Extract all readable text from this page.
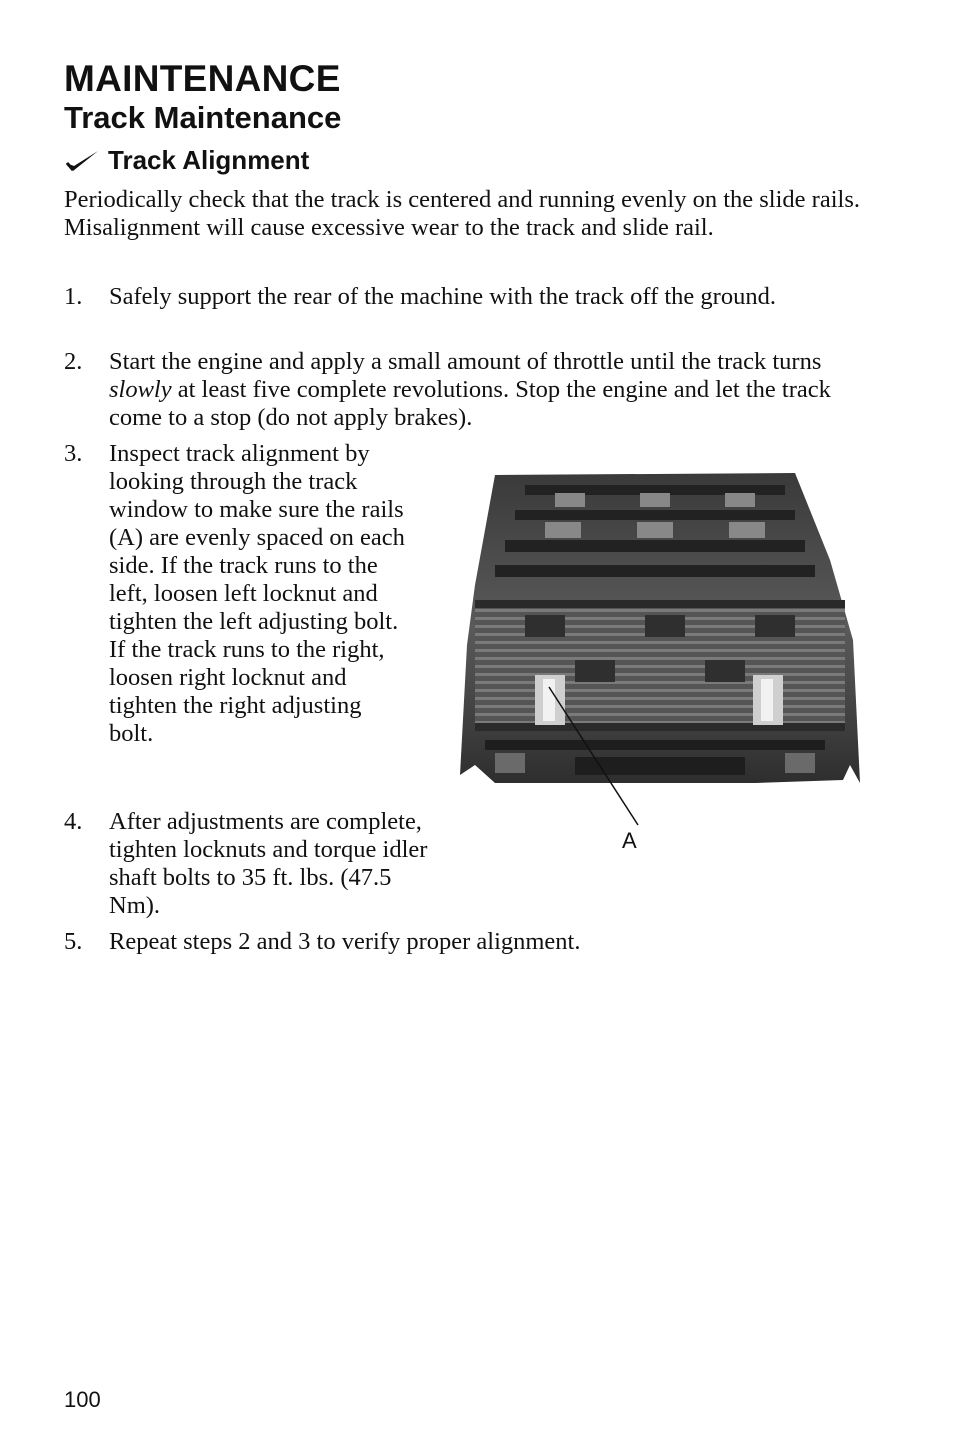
MAINTENANCE
Track Maintenance
Track Alignment

Periodically check that the track is centered and running evenly on the slide rails. Misalignment will cause excessive wear to the track and slide rail.

1. Safely support the rear of the machine with the track off the ground.
2. Start the engine and apply a small amount of throttle until the track turns slowly at least five complete revolutions. Stop the engine and let the track come to a stop (do not apply brakes).
3. Inspect track alignment by looking through the track window to make sure the rails (A) are evenly spaced on each side. If the track runs to the left, loosen left locknut and tighten the left adjusting bolt. If the track runs to the right, loosen right locknut and tighten the right adjusting bolt.
4. After adjustments are complete, tighten locknuts and torque idler shaft bolts to 35 ft. lbs. (47.5 Nm).
5. Repeat steps 2 and 3 to verify proper alignment.
A
100
